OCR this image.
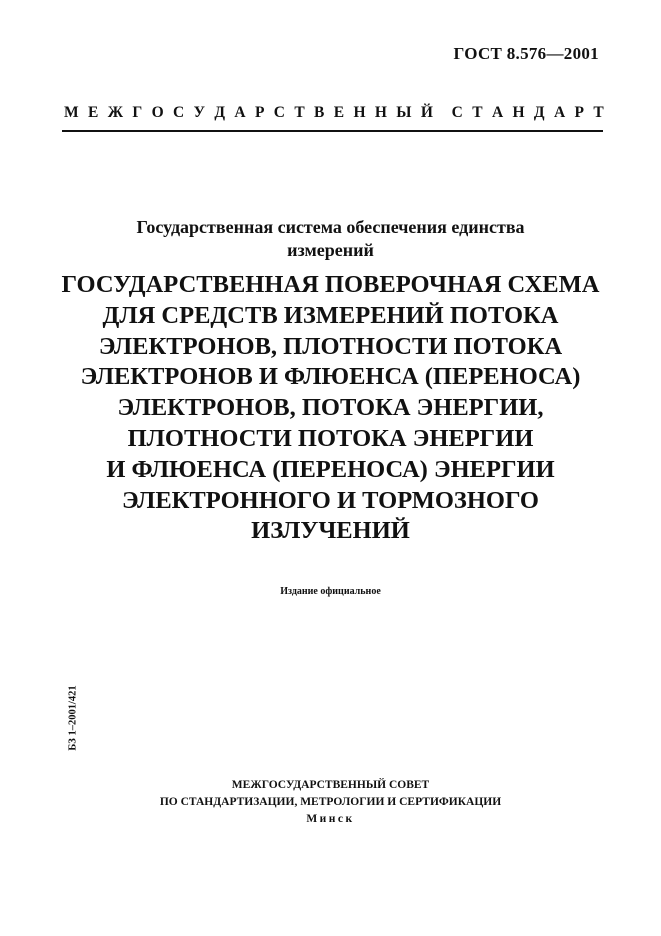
ГОСТ 8.576—2001
М Е Ж Г О С У Д А Р С Т В Е Н Н Ы Й С Т А Н Д А Р Т
Государственная система обеспечения единства
измерений
ГОСУДАРСТВЕННАЯ ПОВЕРОЧНАЯ СХЕМА
ДЛЯ СРЕДСТВ ИЗМЕРЕНИЙ ПОТОКА
ЭЛЕКТРОНОВ, ПЛОТНОСТИ ПОТОКА
ЭЛЕКТРОНОВ И ФЛЮЕНСА (ПЕРЕНОСА)
ЭЛЕКТРОНОВ, ПОТОКА ЭНЕРГИИ,
ПЛОТНОСТИ ПОТОКА ЭНЕРГИИ
И ФЛЮЕНСА (ПЕРЕНОСА) ЭНЕРГИИ
ЭЛЕКТРОННОГО И ТОРМОЗНОГО
ИЗЛУЧЕНИЙ
Издание официальное
БЗ 1–2001/421
МЕЖГОСУДАРСТВЕННЫЙ СОВЕТ
ПО СТАНДАРТИЗАЦИИ, МЕТРОЛОГИИ И СЕРТИФИКАЦИИ
Минск
